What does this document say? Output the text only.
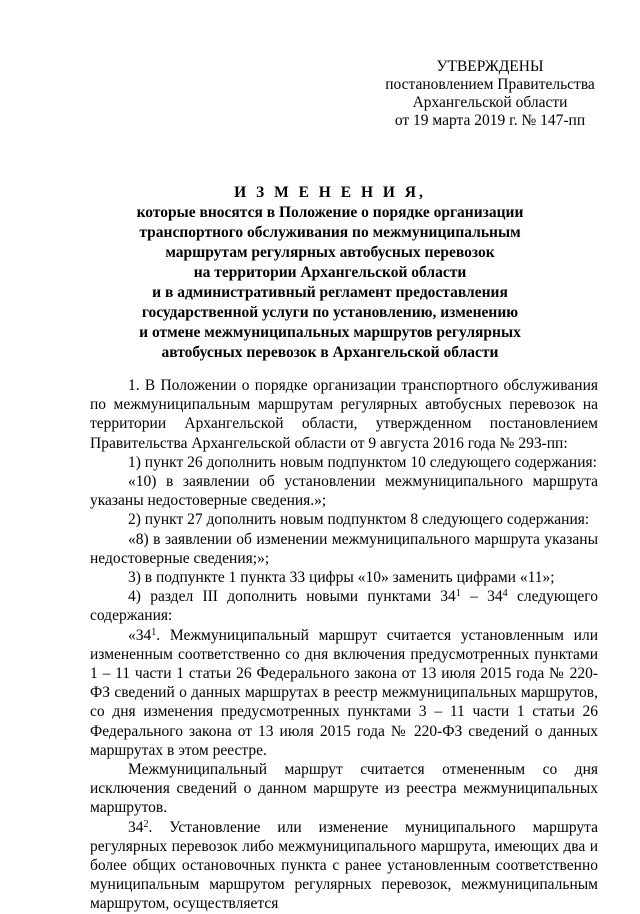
УТВЕРЖДЕНЫ
постановлением Правительства
Архангельской области
от 19 марта 2019 г. № 147-пп
И З М Е Н Е Н И Я,
которые вносятся в Положение о порядке организации
транспортного обслуживания по межмуниципальным
маршрутам регулярных автобусных перевозок
на территории Архангельской области
и в административный регламент предоставления
государственной услуги по установлению, изменению
и отмене межмуниципальных маршрутов регулярных
автобусных перевозок в Архангельской области

1. В Положении о порядке организации транспортного обслуживания по межмуниципальным маршрутам регулярных автобусных перевозок на территории Архангельской области, утвержденном постановлением Правительства Архангельской области от 9 августа 2016 года № 293-пп:

1) пункт 26 дополнить новым подпунктом 10 следующего содержания:

«10) в заявлении об установлении межмуниципального маршрута указаны недостоверные сведения.»;

2) пункт 27 дополнить новым подпунктом 8 следующего содержания:

«8) в заявлении об изменении межмуниципального маршрута указаны недостоверные сведения;»;

3) в подпункте 1 пункта 33 цифры «10» заменить цифрами «11»;

4) раздел III дополнить новыми пунктами $34^1 - 34^4$ следующего содержания:

«$34^1$. Межмуниципальный маршрут считается установленным или измененным соответственно со дня включения предусмотренных пунктами 1 – 11 части 1 статьи 26 Федерального закона от 13 июля 2015 года № 220-ФЗ сведений о данных маршрутах в реестр межмуниципальных маршрутов, со дня изменения предусмотренных пунктами 3 – 11 части 1 статьи 26 Федерального закона от 13 июля 2015 года № 220-ФЗ сведений о данных маршрутах в этом реестре.

Межмуниципальный маршрут считается отмененным со дня исключения сведений о данном маршруте из реестра межмуниципальных маршрутов.

$34^2$. Установление или изменение муниципального маршрута регулярных перевозок либо межмуниципального маршрута, имеющих два и более общих остановочных пункта с ранее установленным соответственно муниципальным маршрутом регулярных перевозок, межмуниципальным маршрутом, осуществляется
